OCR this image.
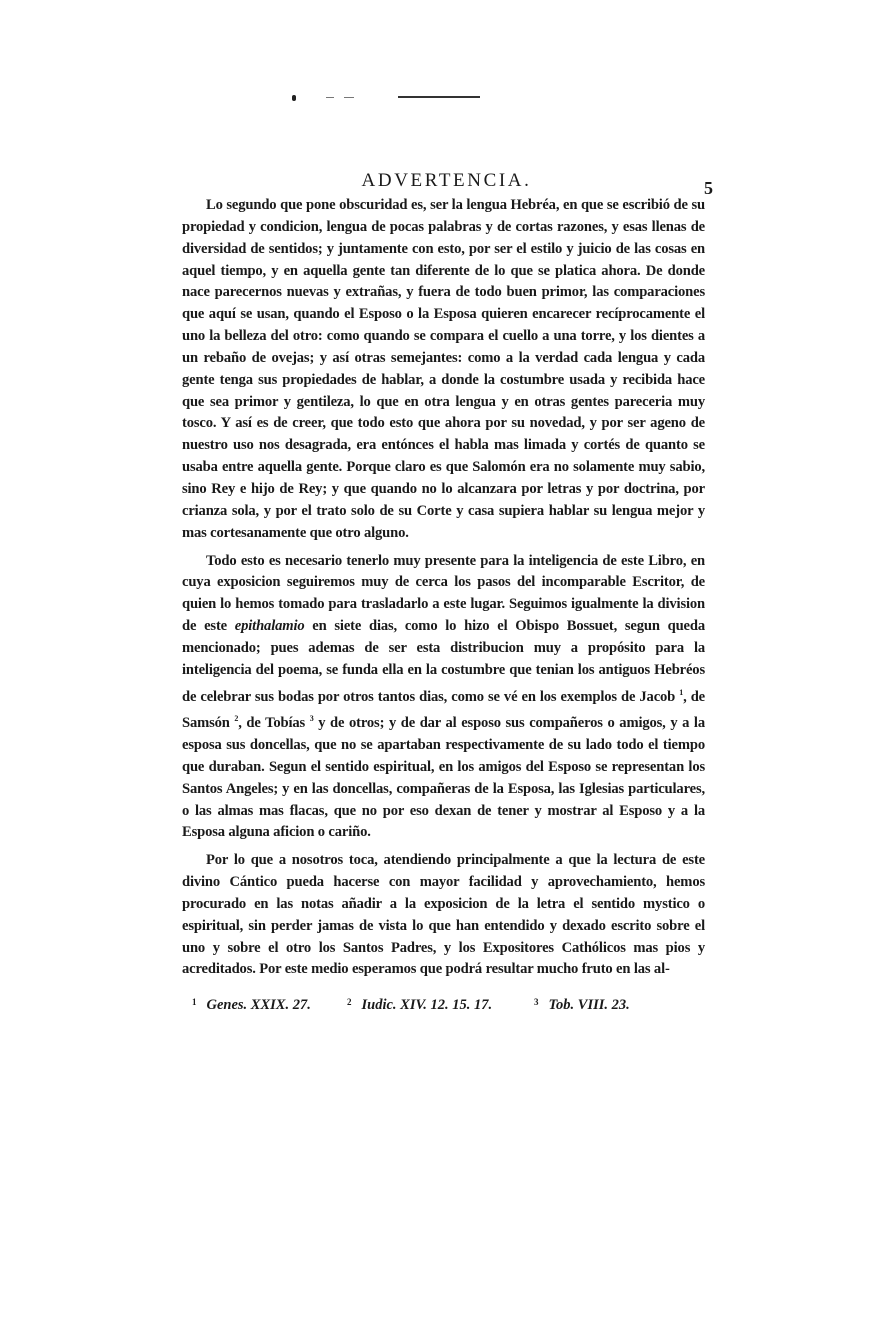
ADVERTENCIA.	5

Lo segundo que pone obscuridad es, ser la lengua Hebréa, en que se escribió de su propiedad y condicion, lengua de pocas palabras y de cortas razones, y esas llenas de diversidad de sentidos; y juntamente con esto, por ser el estilo y juicio de las cosas en aquel tiempo, y en aquella gente tan diferente de lo que se platica ahora. De donde nace parecernos nuevas y extrañas, y fuera de todo buen primor, las comparaciones que aquí se usan, quando el Esposo o la Esposa quieren encarecer recíprocamente el uno la belleza del otro: como quando se compara el cuello a una torre, y los dientes a un rebaño de ovejas; y así otras semejantes: como a la verdad cada lengua y cada gente tenga sus propiedades de hablar, a donde la costumbre usada y recibida hace que sea primor y gentileza, lo que en otra lengua y en otras gentes pareceria muy tosco. Y así es de creer, que todo esto que ahora por su novedad, y por ser ageno de nuestro uso nos desagrada, era entónces el habla mas limada y cortés de quanto se usaba entre aquella gente. Porque claro es que Salomón era no solamente muy sabio, sino Rey e hijo de Rey; y que quando no lo alcanzara por letras y por doctrina, por crianza sola, y por el trato solo de su Corte y casa supiera hablar su lengua mejor y mas cortesanamente que otro alguno.

Todo esto es necesario tenerlo muy presente para la inteligencia de este Libro, en cuya exposicion seguiremos muy de cerca los pasos del incomparable Escritor, de quien lo hemos tomado para trasladarlo a este lugar. Seguimos igualmente la division de este epithalamio en siete dias, como lo hizo el Obispo Bossuet, segun queda mencionado; pues ademas de ser esta distribucion muy a propósito para la inteligencia del poema, se funda ella en la costumbre que tenian los antiguos Hebréos de celebrar sus bodas por otros tantos dias, como se vé en los exemplos de Jacob $^1$, de Samsón $^2$, de Tobías $^3$ y de otros; y de dar al esposo sus compañeros o amigos, y a la esposa sus doncellas, que no se apartaban respectivamente de su lado todo el tiempo que duraban. Segun el sentido espiritual, en los amigos del Esposo se representan los Santos Angeles; y en las doncellas, compañeras de la Esposa, las Iglesias particulares, o las almas mas flacas, que no por eso dexan de tener y mostrar al Esposo y a la Esposa alguna aficion o cariño.

Por lo que a nosotros toca, atendiendo principalmente a que la lectura de este divino Cántico pueda hacerse con mayor facilidad y aprovechamiento, hemos procurado en las notas añadir a la exposicion de la letra el sentido mystico o espiritual, sin perder jamas de vista lo que han entendido y dexado escrito sobre el uno y sobre el otro los Santos Padres, y los Expositores Cathólicos mas pios y acreditados. Por este medio esperamos que podrá resultar mucho fruto en las al-

$^1$ Genes. XXIX. 27.	$^2$ Iudic. XIV. 12. 15. 17.	$^3$ Tob. VIII. 23.
